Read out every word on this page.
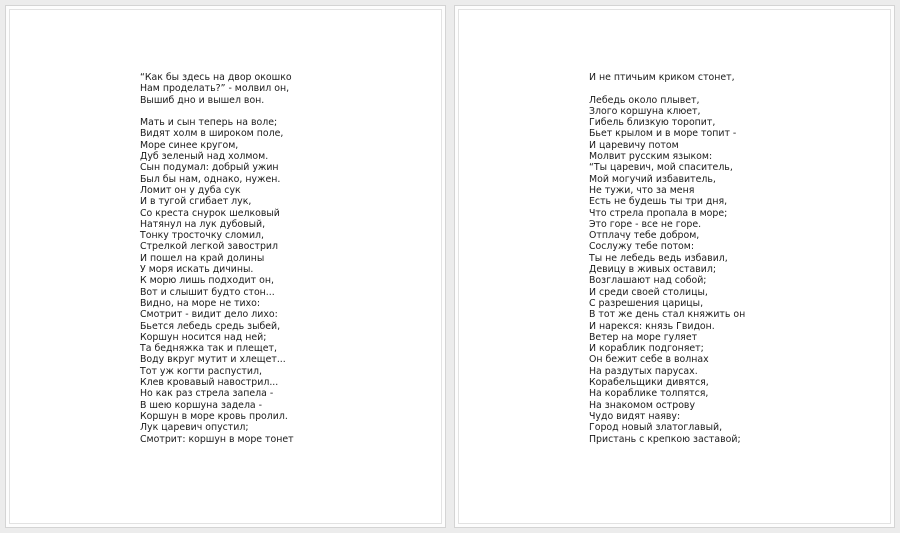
“Как бы здесь на двор окошко
Нам проделать?” - молвил он,
Вышиб дно и вышел вон.
Мать и сын теперь на воле;
Видят холм в широком поле,
Море синее кругом,
Дуб зеленый над холмом.
Сын подумал: добрый ужин
Был бы нам, однако, нужен.
Ломит он у дуба сук
И в тугой сгибает лук,
Со креста снурок шелковый
Натянул на лук дубовый,
Тонку тросточку сломил,
Стрелкой легкой завострил
И пошел на край долины
У моря искать дичины.
К морю лишь подходит он,
Вот и слышит будто стон...
Видно, на море не тихо:
Смотрит - видит дело лихо:
Бьется лебедь средь зыбей,
Коршун носится над ней;
Та бедняжка так и плещет,
Воду вкруг мутит и хлещет...
Тот уж когти распустил,
Клев кровавый навострил...
Но как раз стрела запела -
В шею коршуна задела -
Коршун в море кровь пролил.
Лук царевич опустил;
Смотрит: коршун в море тонет
И не птичьим криком стонет,
Лебедь около плывет,
Злого коршуна клюет,
Гибель близкую торопит,
Бьет крылом и в море топит -
И царевичу потом
Молвит русским языком:
“Ты царевич, мой спаситель,
Мой могучий избавитель,
Не тужи, что за меня
Есть не будешь ты три дня,
Что стрела пропала в море;
Это горе - все не горе.
Отплачу тебе добром,
Сослужу тебе потом:
Ты не лебедь ведь избавил,
Девицу в живых оставил;
Возглашают над собой;
И среди своей столицы,
С разрешения царицы,
В тот же день стал княжить он
И нарекся: князь Гвидон.
Ветер на море гуляет
И кораблик подгоняет;
Он бежит себе в волнах
На раздутых парусах.
Корабельщики дивятся,
На кораблике толпятся,
На знакомом острову
Чудо видят наяву:
Город новый златоглавый,
Пристань с крепкою заставой;
